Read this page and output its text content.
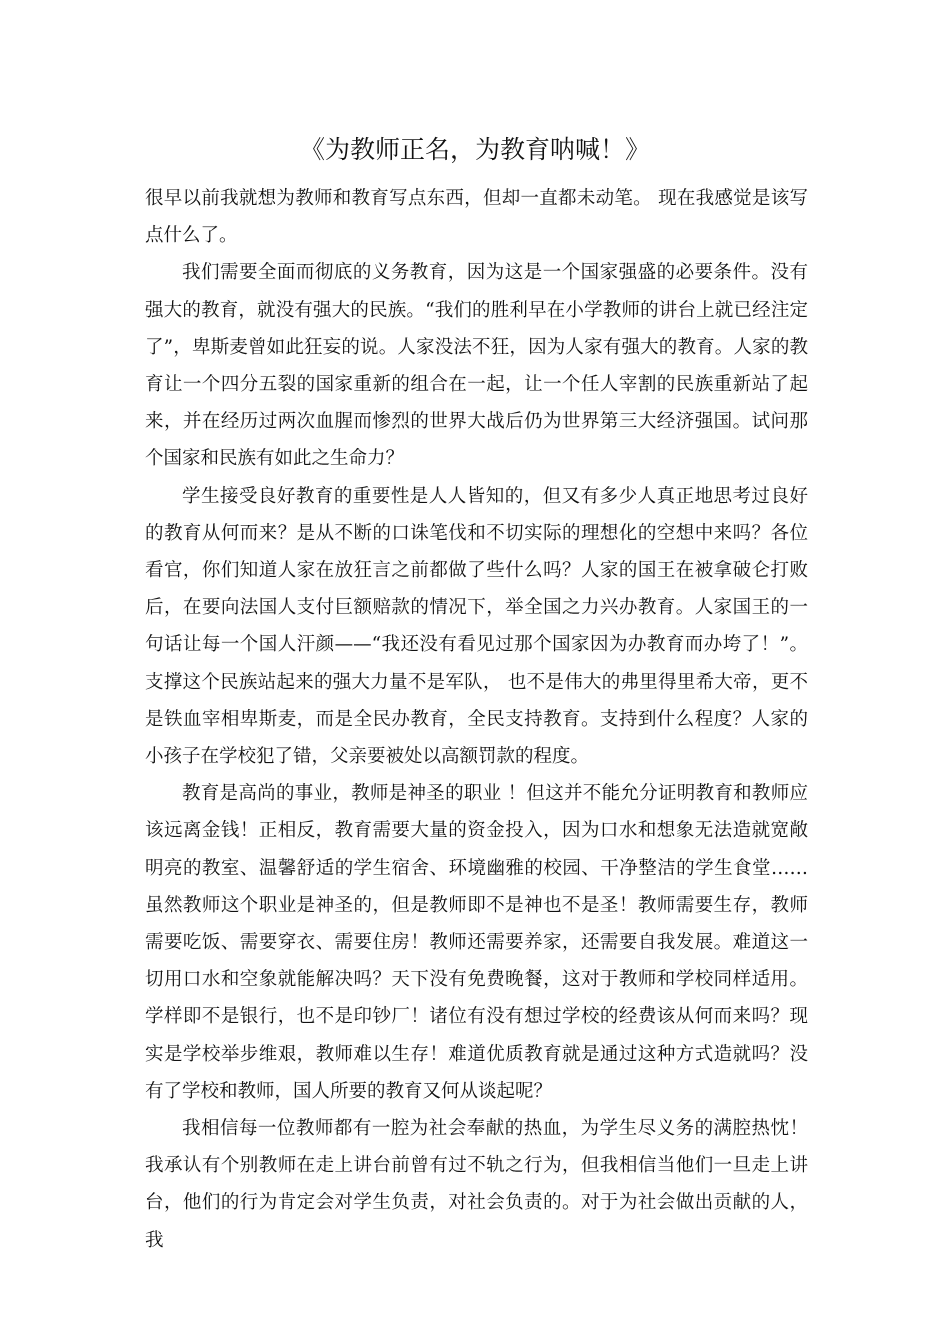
《为教师正名，为教育呐喊！》

很早以前我就想为教师和教育写点东西，但却一直都未动笔。 现在我感觉是该写点什么了。

我们需要全面而彻底的义务教育，因为这是一个国家强盛的必要条件。没有强大的教育，就没有强大的民族。“我们的胜利早在小学教师的讲台上就已经注定了”，卑斯麦曾如此狂妄的说。人家没法不狂，因为人家有强大的教育。人家的教育让一个四分五裂的国家重新的组合在一起，让一个任人宰割的民族重新站了起来，并在经历过两次血腥而惨烈的世界大战后仍为世界第三大经济强国。试问那个国家和民族有如此之生命力？

学生接受良好教育的重要性是人人皆知的，但又有多少人真正地思考过良好的教育从何而来？是从不断的口诛笔伐和不切实际的理想化的空想中来吗？各位看官，你们知道人家在放狂言之前都做了些什么吗？人家的国王在被拿破仑打败后，在要向法国人支付巨额赔款的情况下，举全国之力兴办教育。人家国王的一句话让每一个国人汗颜——“我还没有看见过那个国家因为办教育而办垮了！”。支撑这个民族站起来的强大力量不是军队， 也不是伟大的弗里得里希大帝，更不是铁血宰相卑斯麦，而是全民办教育，全民支持教育。支持到什么程度？人家的小孩子在学校犯了错，父亲要被处以高额罚款的程度。

教育是高尚的事业，教师是神圣的职业 ！但这并不能允分证明教育和教师应该远离金钱！正相反，教育需要大量的资金投入，因为口水和想象无法造就宽敞明亮的教室、温馨舒适的学生宿舍、环境幽雅的校园、干净整洁的学生食堂……虽然教师这个职业是神圣的，但是教师即不是神也不是圣！教师需要生存，教师需要吃饭、需要穿衣、需要住房！教师还需要养家，还需要自我发展。难道这一切用口水和空象就能解决吗？天下没有免费晚餐，这对于教师和学校同样适用。学样即不是银行，也不是印钞厂！诸位有没有想过学校的经费该从何而来吗？现实是学校举步维艰，教师难以生存！难道优质教育就是通过这种方式造就吗？没有了学校和教师，国人所要的教育又何从谈起呢？

我相信每一位教师都有一腔为社会奉献的热血，为学生尽义务的满腔热忱！我承认有个别教师在走上讲台前曾有过不轨之行为，但我相信当他们一旦走上讲台，他们的行为肯定会对学生负责，对社会负责的。对于为社会做出贡献的人，我
